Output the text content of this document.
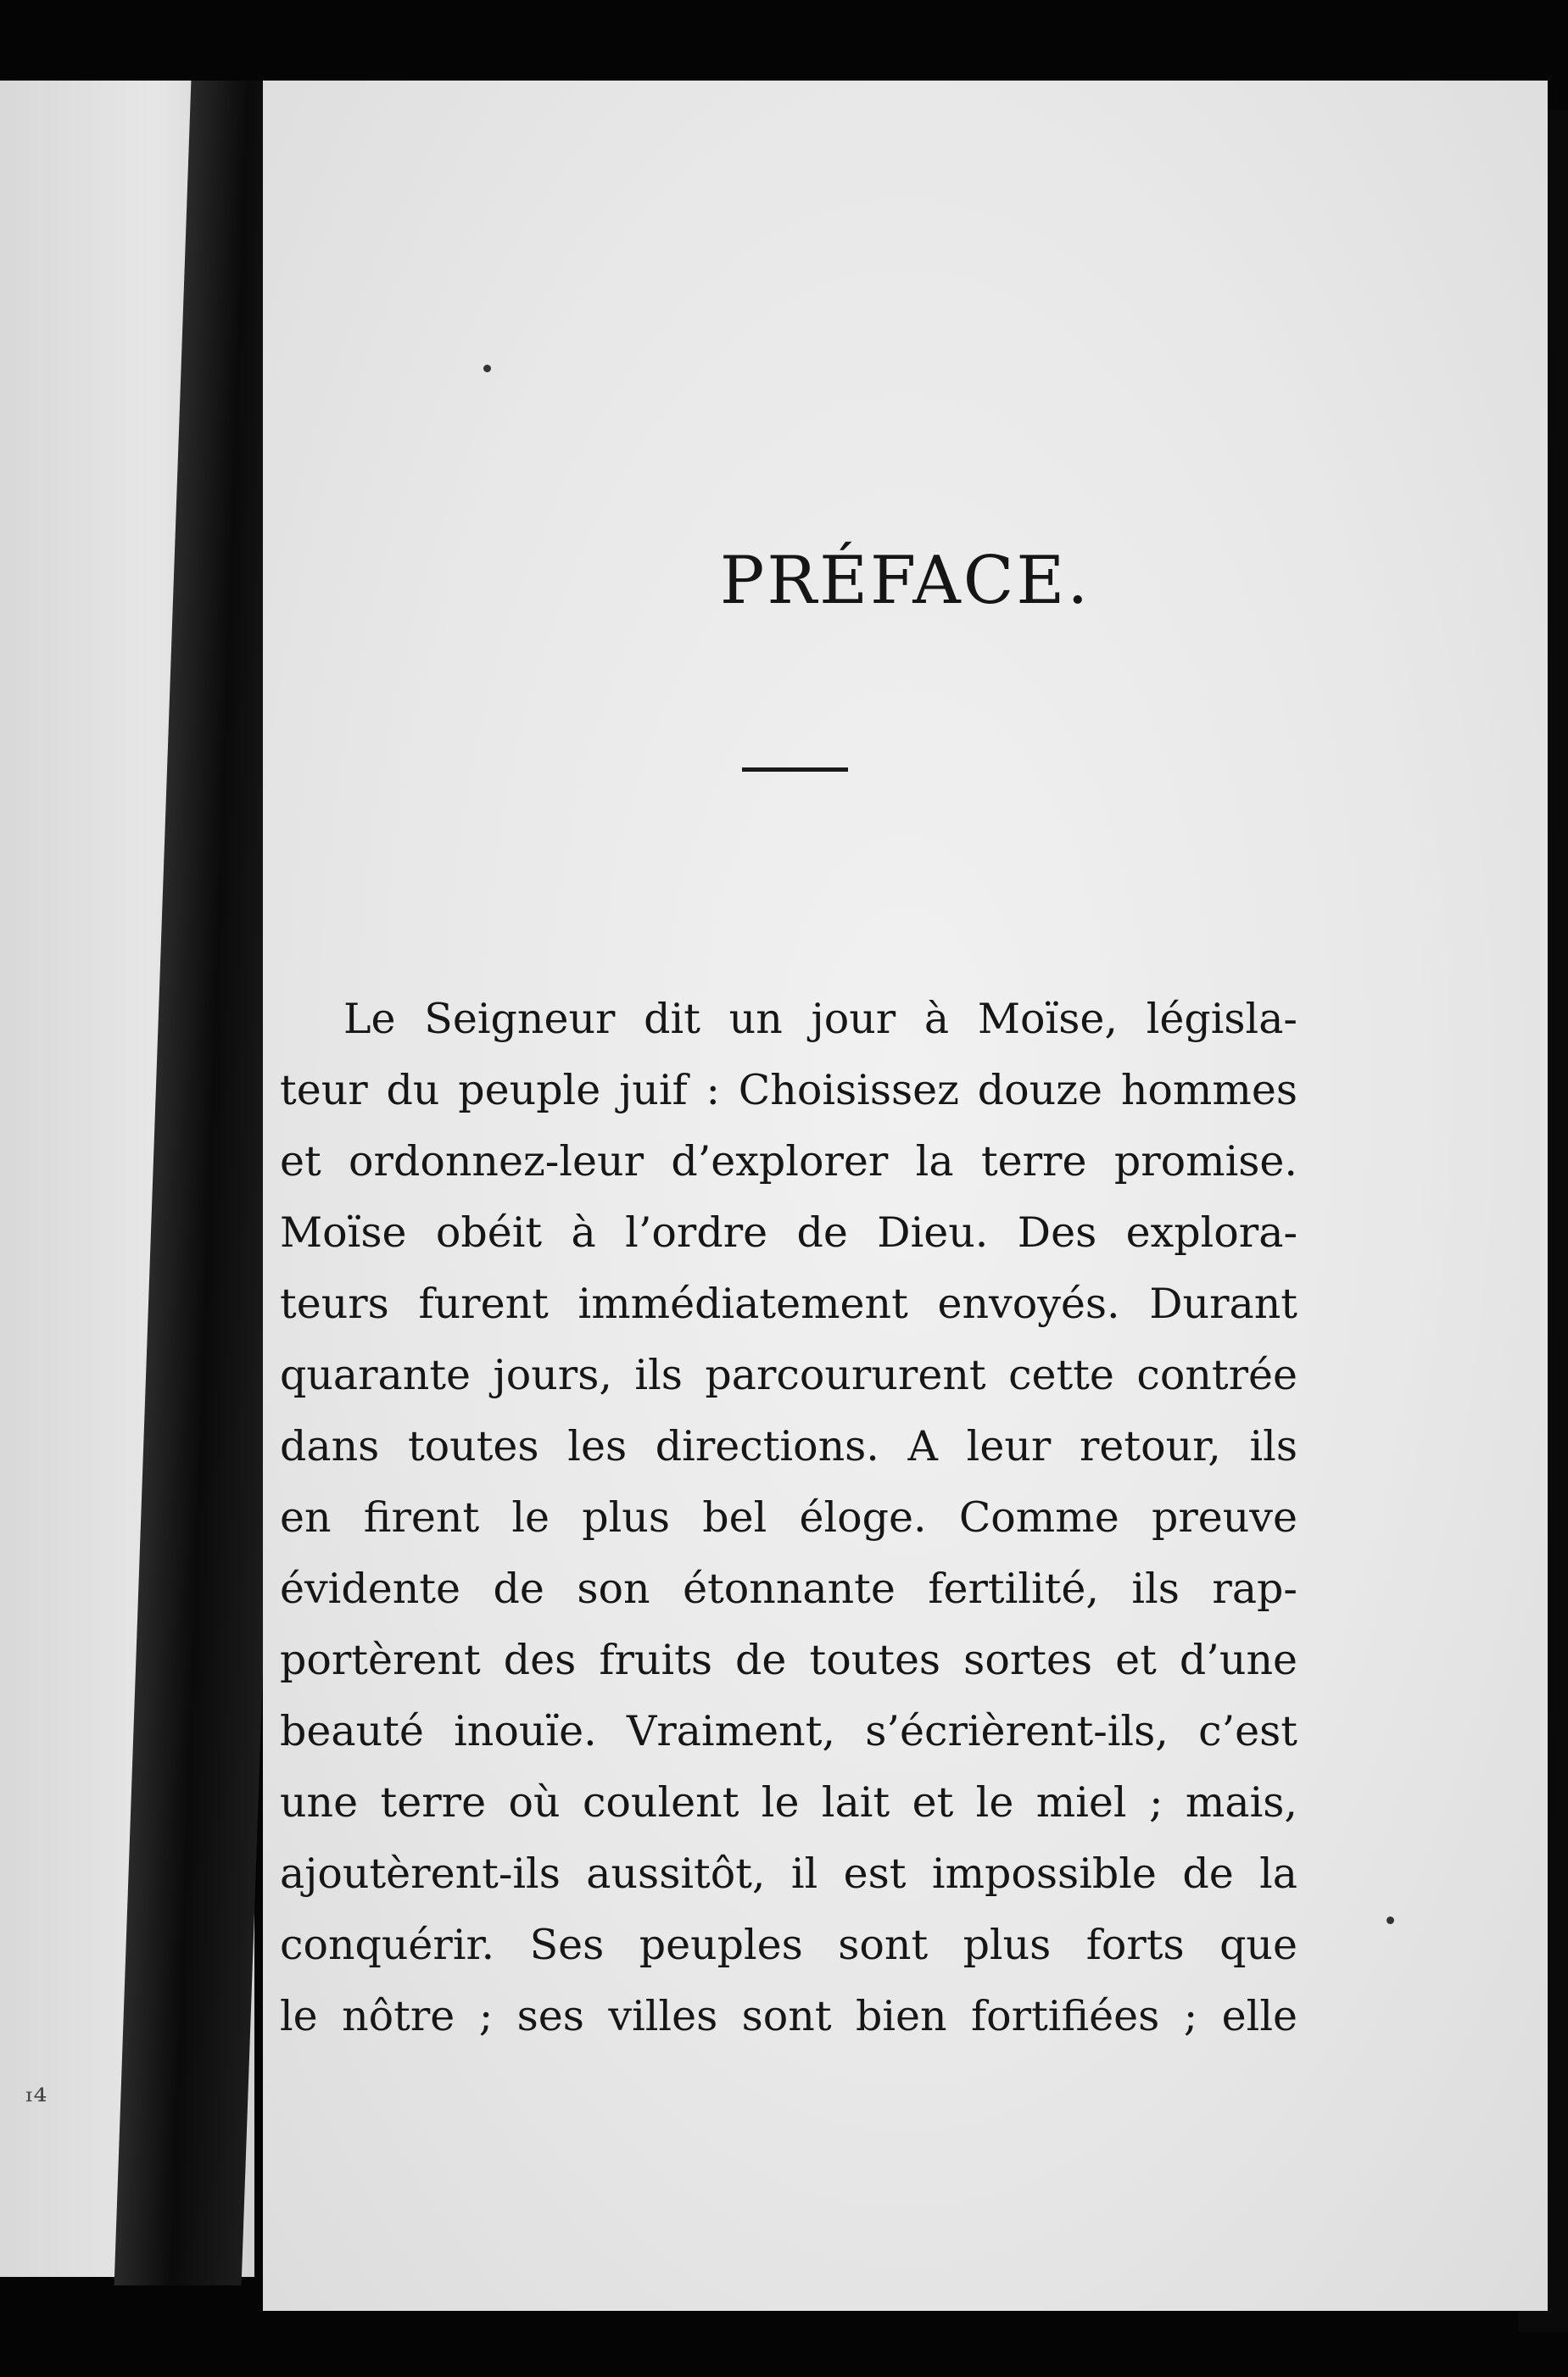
PRÉFACE.
Le Seigneur dit un jour à Moïse, législa-
teur du peuple juif : Choisissez douze hommes
et ordonnez-leur d’explorer la terre promise.
Moïse obéit à l’ordre de Dieu. Des explora-
teurs furent immédiatement envoyés. Durant
quarante jours, ils parcoururent cette contrée
dans toutes les directions. A leur retour, ils
en firent le plus bel éloge. Comme preuve
évidente de son étonnante fertilité, ils rap-
portèrent des fruits de toutes sortes et d’une
beauté inouïe. Vraiment, s’écrièrent-ils, c’est
une terre où coulent le lait et le miel ; mais,
ajoutèrent-ils aussitôt, il est impossible de la
conquérir. Ses peuples sont plus forts que
le nôtre ; ses villes sont bien fortifiées ; elle
ᶦ⁴
